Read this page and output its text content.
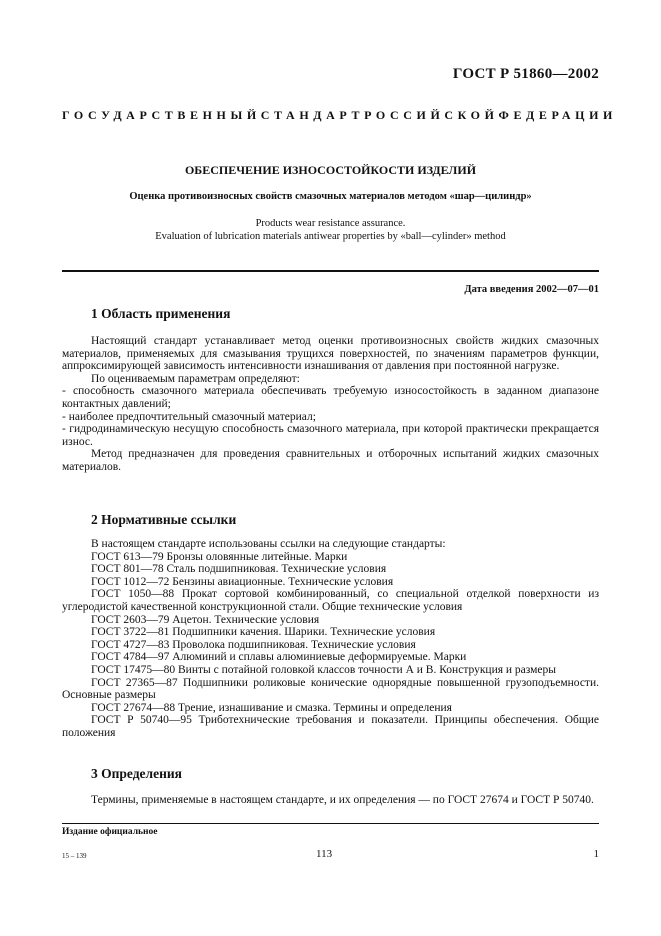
ГОСТ Р 51860—2002
ГОСУДАРСТВЕННЫЙ СТАНДАРТ РОССИЙСКОЙ ФЕДЕРАЦИИ
ОБЕСПЕЧЕНИЕ ИЗНОСОСТОЙКОСТИ ИЗДЕЛИЙ
Оценка противоизносных свойств смазочных материалов методом «шар—цилиндр»
Products wear resistance assurance.
Evaluation of lubrication materials antiwear properties by «ball—cylinder» method
Дата введения 2002—07—01
1 Область применения

Настоящий стандарт устанавливает метод оценки противоизносных свойств жидких смазочных материалов, применяемых для смазывания трущихся поверхностей, по значениям параметров функции, аппроксимирующей зависимость интенсивности изнашивания от давления при постоянной нагрузке.

По оцениваемым параметрам определяют:

- способность смазочного материала обеспечивать требуемую износостойкость в заданном диапазоне контактных давлений;

- наиболее предпочтительный смазочный материал;

- гидродинамическую несущую способность смазочного материала, при которой практически прекращается износ.

Метод предназначен для проведения сравнительных и отборочных испытаний жидких смазочных материалов.

2 Нормативные ссылки

В настоящем стандарте использованы ссылки на следующие стандарты:

ГОСТ 613—79 Бронзы оловянные литейные. Марки

ГОСТ 801—78 Сталь подшипниковая. Технические условия

ГОСТ 1012—72 Бензины авиационные. Технические условия

ГОСТ 1050—88 Прокат сортовой комбинированный, со специальной отделкой поверхности из углеродистой качественной конструкционной стали. Общие технические условия

ГОСТ 2603—79 Ацетон. Технические условия

ГОСТ 3722—81 Подшипники качения. Шарики. Технические условия

ГОСТ 4727—83 Проволока подшипниковая. Технические условия

ГОСТ 4784—97 Алюминий и сплавы алюминиевые деформируемые. Марки

ГОСТ 17475—80 Винты с потайной головкой классов точности А и В. Конструкция и размеры

ГОСТ 27365—87 Подшипники роликовые конические однорядные повышенной грузоподъемности. Основные размеры

ГОСТ 27674—88 Трение, изнашивание и смазка. Термины и определения

ГОСТ Р 50740—95 Триботехнические требования и показатели. Принципы обеспечения. Общие положения

3 Определения

Термины, применяемые в настоящем стандарте, и их определения — по ГОСТ 27674 и ГОСТ Р 50740.

Издание официальное
15 – 139	113	1
